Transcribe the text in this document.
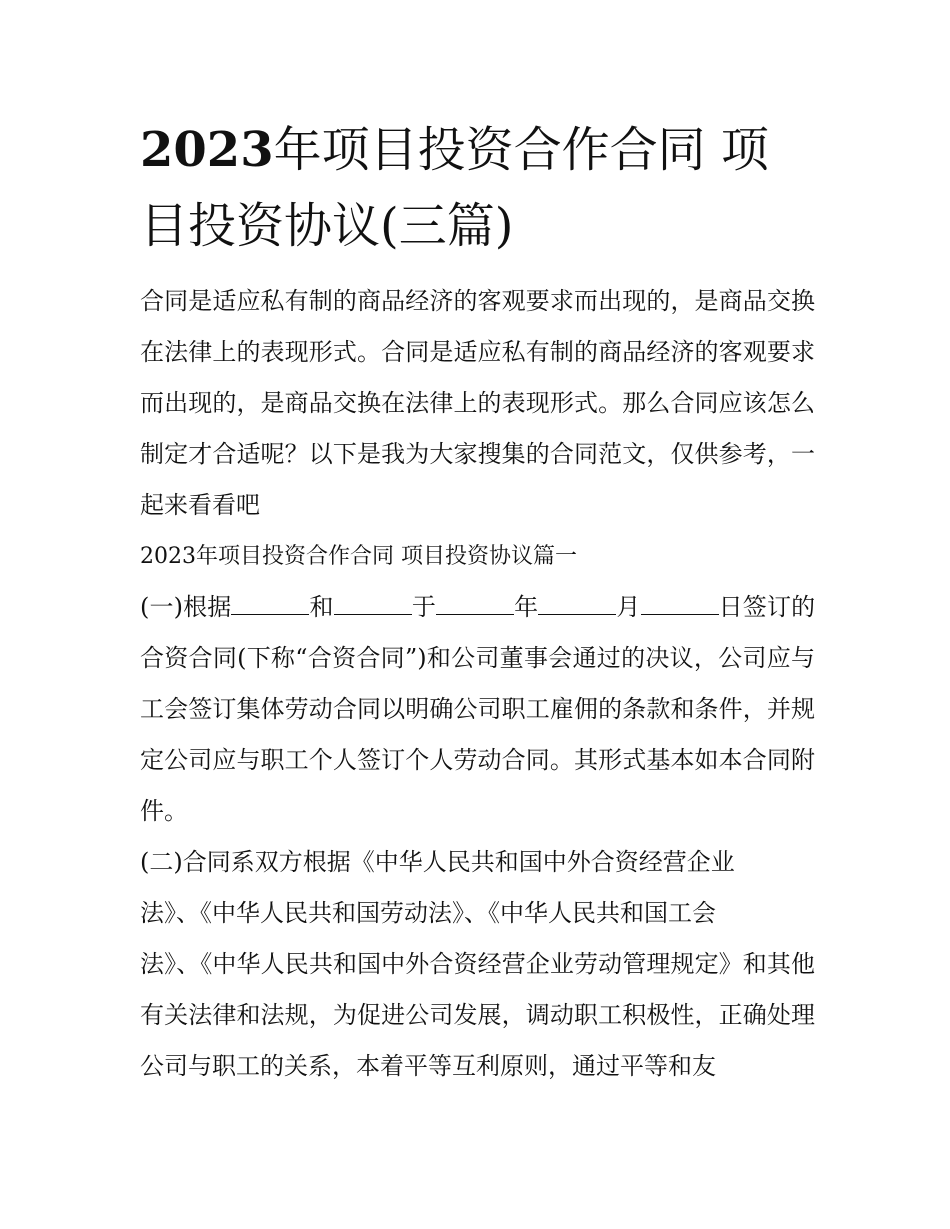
2023年项目投资合作合同 项
目投资协议(三篇)

合同是适应私有制的商品经济的客观要求而出现的，是商品交换在法律上的表现形式。合同是适应私有制的商品经济的客观要求而出现的，是商品交换在法律上的表现形式。那么合同应该怎么制定才合适呢？以下是我为大家搜集的合同范文，仅供参考，一起来看看吧

2023年项目投资合作合同 项目投资协议篇一

(一)根据	和	于	年	月	日签订的合资合同(下称“合资合同”)和公司董事会通过的决议，公司应与工会签订集体劳动合同以明确公司职工雇佣的条款和条件，并规定公司应与职工个人签订个人劳动合同。其形式基本如本合同附件。

(二)合同系双方根据《中华人民共和国中外合资经营企业
法》、《中华人民共和国劳动法》、《中华人民共和国工会
法》、《中华人民共和国中外合资经营企业劳动管理规定》和其他有关法律和法规，为促进公司发展，调动职工积极性，正确处理公司与职工的关系，本着平等互利原则，通过平等和友
